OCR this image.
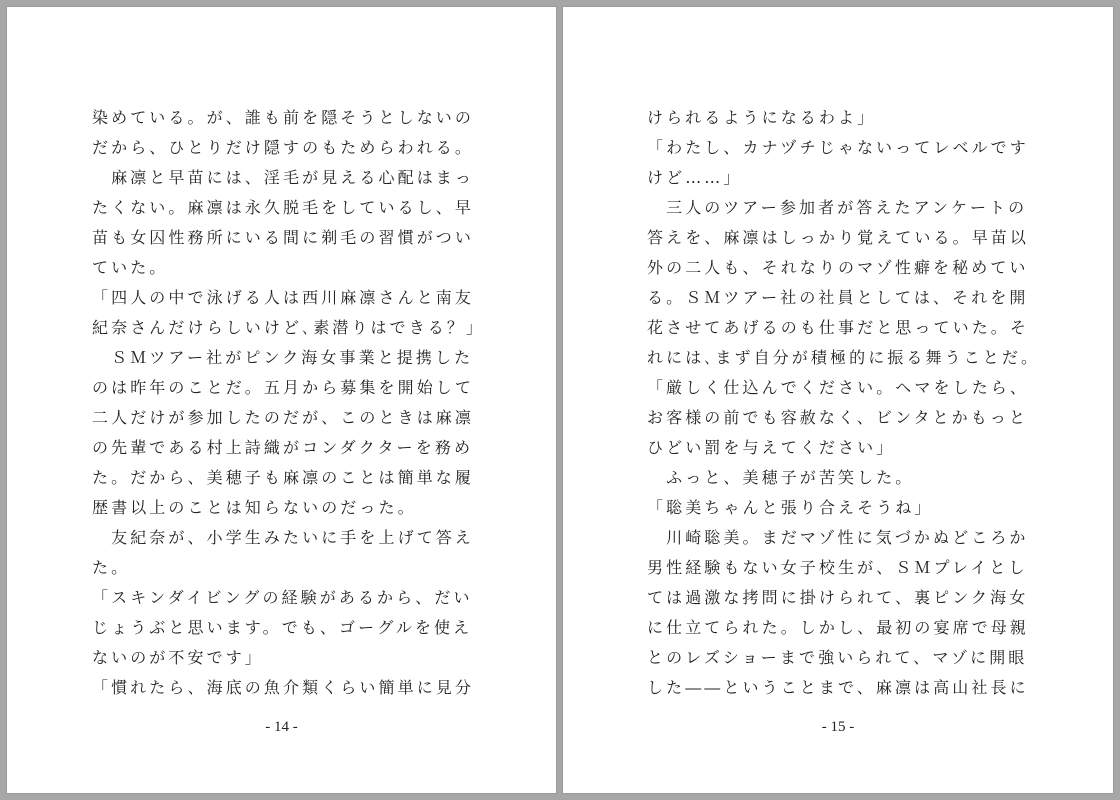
染めている。が、誰も前を隠そうとしないの
だから、ひとりだけ隠すのもためらわれる。
　麻凛と早苗には、淫毛が見える心配はまっ
たくない。麻凛は永久脱毛をしているし、早
苗も女囚性務所にいる間に剃毛の習慣がつい
ていた。
「四人の中で泳げる人は西川麻凛さんと南友
紀奈さんだけらしいけど､素潜りはできる？」
　ＳＭツアー社がピンク海女事業と提携した
のは昨年のことだ。五月から募集を開始して
二人だけが参加したのだが、このときは麻凛
の先輩である村上詩織がコンダクターを務め
た。だから、美穂子も麻凛のことは簡単な履
歴書以上のことは知らないのだった。
　友紀奈が、小学生みたいに手を上げて答え
た。
「スキンダイビングの経験があるから、だい
じょうぶと思います。でも、ゴーグルを使え
ないのが不安です」
「慣れたら、海底の魚介類くらい簡単に見分
- 14 -
けられるようになるわよ」
「わたし、カナヅチじゃないってレベルです
けど……」
　三人のツアー参加者が答えたアンケートの
答えを、麻凛はしっかり覚えている。早苗以
外の二人も、それなりのマゾ性癖を秘めてい
る。ＳＭツアー社の社員としては、それを開
花させてあげるのも仕事だと思っていた。そ
れには､まず自分が積極的に振る舞うことだ。
「厳しく仕込んでください。ヘマをしたら、
お客様の前でも容赦なく、ビンタとかもっと
ひどい罰を与えてください」
　ふっと、美穂子が苦笑した。
「聡美ちゃんと張り合えそうね」
　川崎聡美。まだマゾ性に気づかぬどころか
男性経験もない女子校生が、ＳＭプレイとし
ては過激な拷問に掛けられて、裏ピンク海女
に仕立てられた。しかし、最初の宴席で母親
とのレズショーまで強いられて、マゾに開眼
した――ということまで、麻凛は高山社長に
- 15 -
